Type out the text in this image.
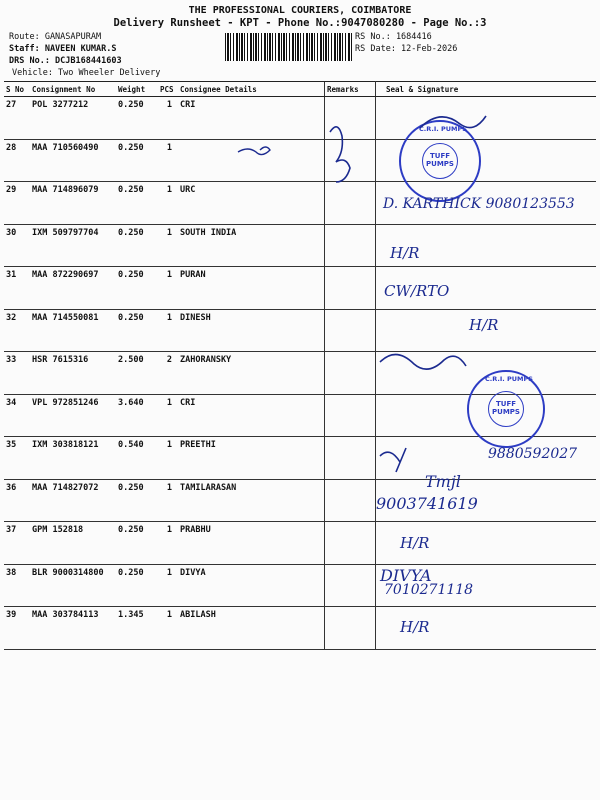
THE PROFESSIONAL COURIERS, COIMBATORE
Delivery Runsheet - KPT - Phone No.:9047080280 - Page No.:3
Route: GANASAPURAM
Staff: NAVEEN KUMAR.S
DRS No.: DCJB168441603
Vehicle: Two Wheeler Delivery
RS No.: 1684416
RS Date: 12-Feb-2026
S No	Consignment No	Weight	PCS	Consignee Details	Remarks	Seal & Signature
27	POL 3277212	0.250	1	CRI		
28	MAA 710560490	0.250	1			
29	MAA 714896079	0.250	1	URC		
30	IXM 509797704	0.250	1	SOUTH INDIA		
31	MAA 872290697	0.250	1	PURAN		
32	MAA 714550081	0.250	1	DINESH		
33	HSR 7615316	2.500	2	ZAHORANSKY		
34	VPL 972851246	3.640	1	CRI		
35	IXM 303818121	0.540	1	PREETHI		
36	MAA 714827072	0.250	1	TAMILARASAN		
37	GPM 152818	0.250	1	PRABHU		
38	BLR 9000314800	0.250	1	DIVYA		
39	MAA 303784113	1.345	1	ABILASH		
C.R.I. PUMPS
TUFF PUMPS
C.R.I. PUMPS
TUFF PUMPS
D. KARTHICK 9080123553
H/R
CW/RTO
H/R
9880592027
Tmjl
9003741619
H/R
DIVYA
7010271118
H/R
